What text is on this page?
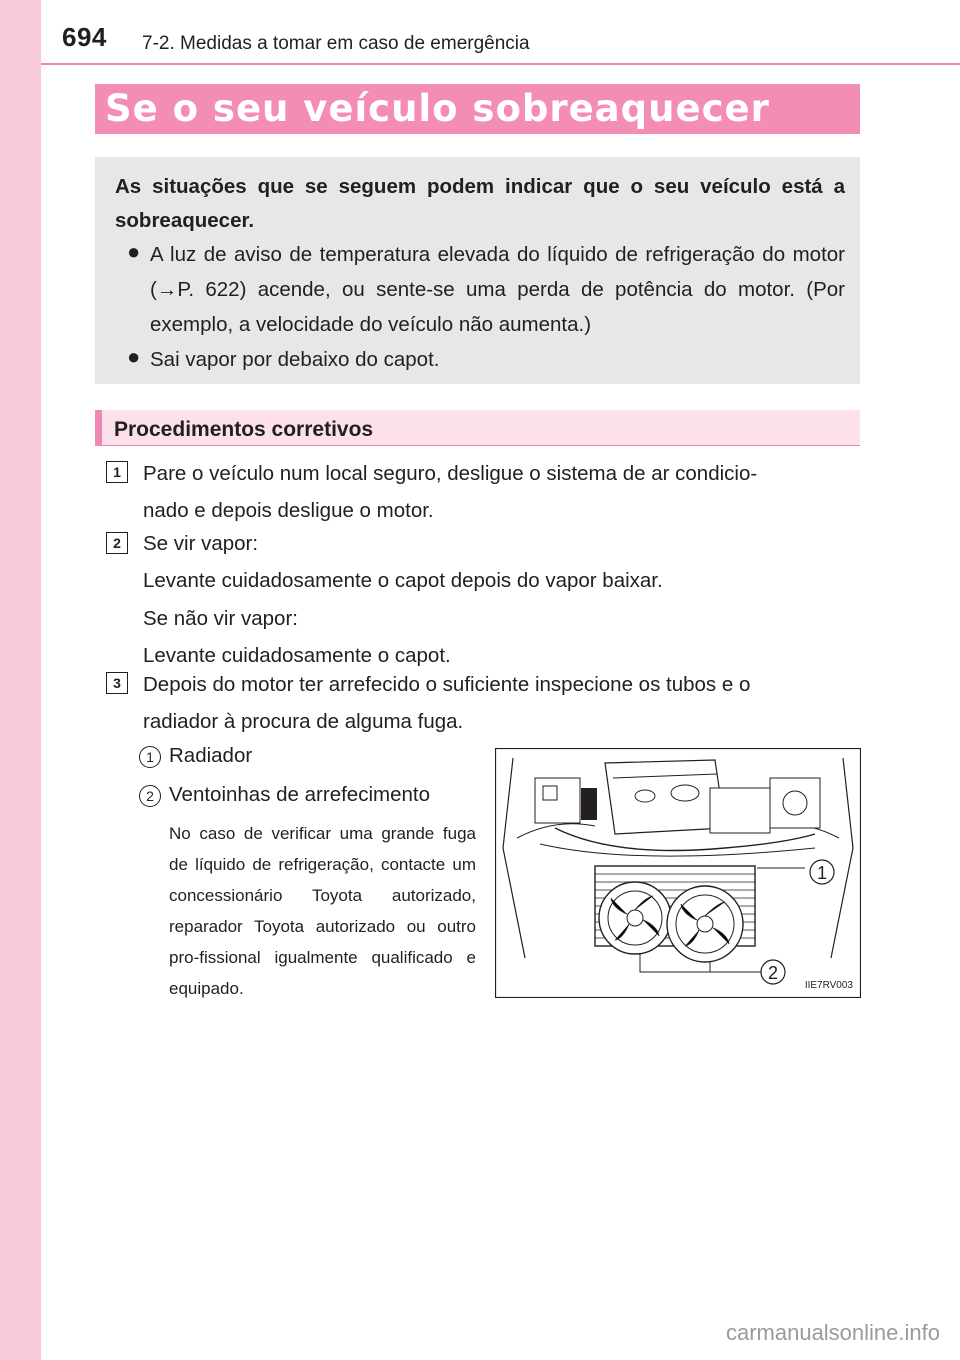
694 7-2. Medidas a tomar em caso de emergência
Se o seu veículo sobreaquecer
As situações que se seguem podem indicar que o seu veículo está a sobreaquecer.
● A luz de aviso de temperatura elevada do líquido de refrigeração do motor (→P. 622) acende, ou sente-se uma perda de potência do motor. (Por exemplo, a velocidade do veículo não aumenta.)
● Sai vapor por debaixo do capot.
Procedimentos corretivos
1	Pare o veículo num local seguro, desligue o sistema de ar condicio-
nado e depois desligue o motor.
2	Se vir vapor:
Levante cuidadosamente o capot depois do vapor baixar.
Se não vir vapor:
Levante cuidadosamente o capot.
3	Depois do motor ter arrefecido o suficiente inspecione os tubos e o
radiador à procura de alguma fuga.
1 Radiador
2 Ventoinhas de arrefecimento
No caso de verificar uma grande fuga de líquido de refrigeração, contacte um concessionário Toyota autorizado, reparador Toyota autorizado ou outro pro-fissional igualmente qualificado e equipado.
1
2
IIE7RV003
carmanualsonline.info
